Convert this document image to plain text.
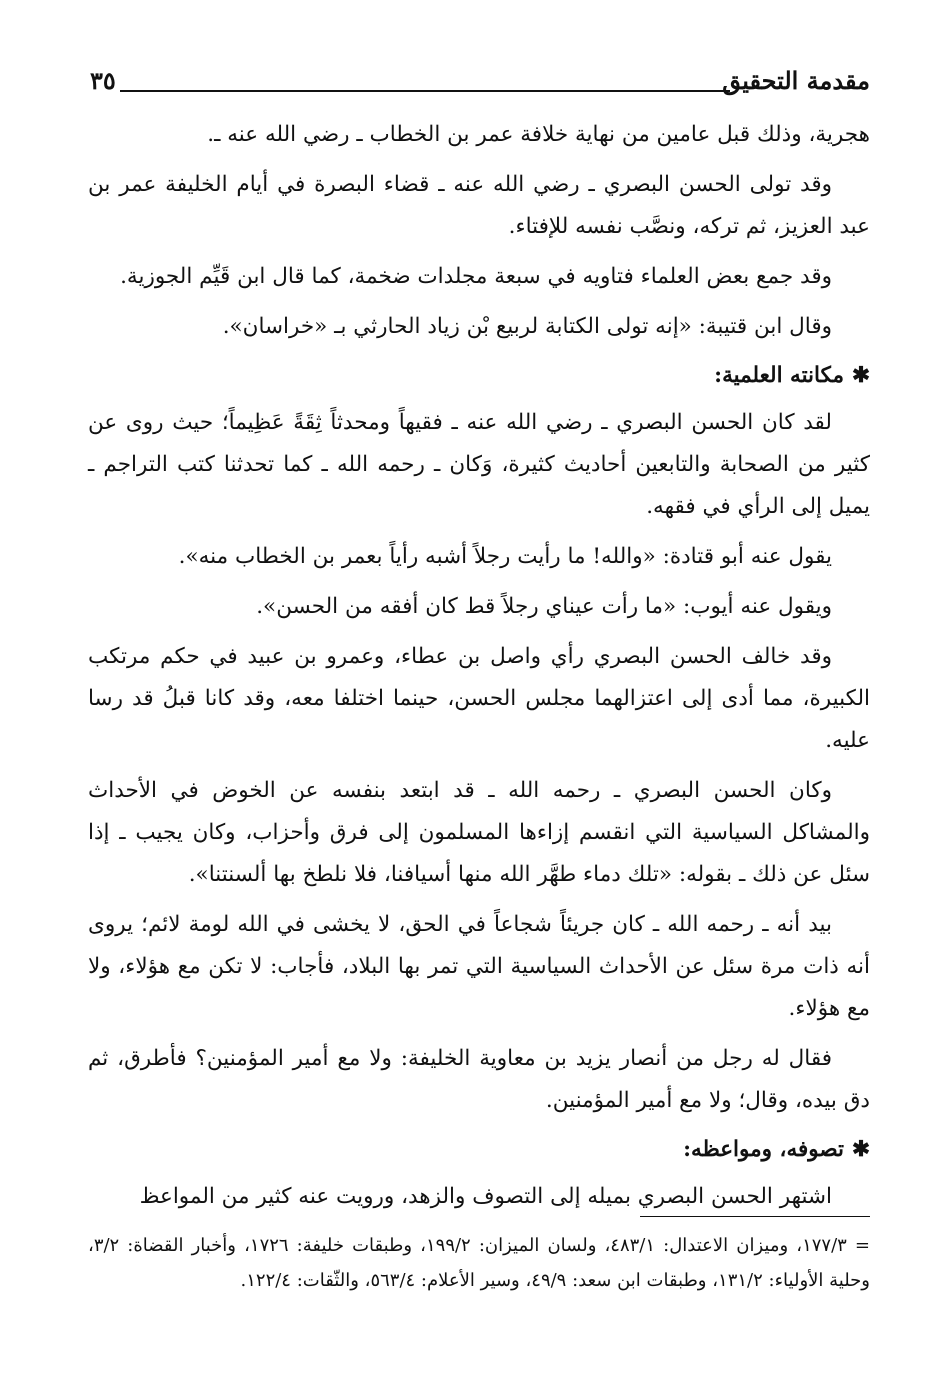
مقدمة التحقيق
٣٥

هجرية، وذلك قبل عامين من نهاية خلافة عمر بن الخطاب ـ رضي الله عنه ـ.

وقد تولى الحسن البصري ـ رضي الله عنه ـ قضاء البصرة في أيام الخليفة عمر بن عبد العزيز، ثم تركه، ونصَّب نفسه للإفتاء.

وقد جمع بعض العلماء فتاويه في سبعة مجلدات ضخمة، كما قال ابن قَيِّم الجوزية.

وقال ابن قتيبة: «إنه تولى الكتابة لربيع بْن زياد الحارثي بـ «خراسان».

✱مكانته العلمية:

لقد كان الحسن البصري ـ رضي الله عنه ـ فقيهاً ومحدثاً ثِقَةً عَظِيماً؛ حيث روى عن كثير من الصحابة والتابعين أحاديث كثيرة، وَكان ـ رحمه الله ـ كما تحدثنا كتب التراجم ـ يميل إلى الرأي في فقهه.

يقول عنه أبو قتادة: «والله! ما رأيت رجلاً أشبه رأياً بعمر بن الخطاب منه».

ويقول عنه أيوب: «ما رأت عيناي رجلاً قط كان أفقه من الحسن».

وقد خالف الحسن البصري رأي واصل بن عطاء، وعمرو بن عبيد في حكم مرتكب الكبيرة، مما أدى إلى اعتزالهما مجلس الحسن، حينما اختلفا معه، وقد كانا قبلُ قد رسا عليه.

وكان الحسن البصري ـ رحمه الله ـ قد ابتعد بنفسه عن الخوض في الأحداث والمشاكل السياسية التي انقسم إزاءها المسلمون إلى فرق وأحزاب، وكان يجيب ـ إذا سئل عن ذلك ـ بقوله: «تلك دماء طهَّر الله منها أسيافنا، فلا نلطخ بها ألسنتنا».

بيد أنه ـ رحمه الله ـ كان جريئاً شجاعاً في الحق، لا يخشى في الله لومة لائم؛ يروى أنه ذات مرة سئل عن الأحداث السياسية التي تمر بها البلاد، فأجاب: لا تكن مع هؤلاء، ولا مع هؤلاء.

فقال له رجل من أنصار يزيد بن معاوية الخليفة: ولا مع أمير المؤمنين؟ فأطرق، ثم دق بيده، وقال؛ ولا مع أمير المؤمنين.

✱تصوفه، ومواعظه:

اشتهر الحسن البصري بميله إلى التصوف والزهد، ورويت عنه كثير من المواعظ

= ١٧٧/٣، وميزان الاعتدال: ٤٨٣/١، ولسان الميزان: ١٩٩/٢، وطبقات خليفة: ١٧٢٦، وأخبار القضاة: ٣/٢، وحلية الأولياء: ١٣١/٢، وطبقات ابن سعد: ٤٩/٩، وسير الأعلام: ٥٦٣/٤، والثّقات: ١٢٢/٤.
